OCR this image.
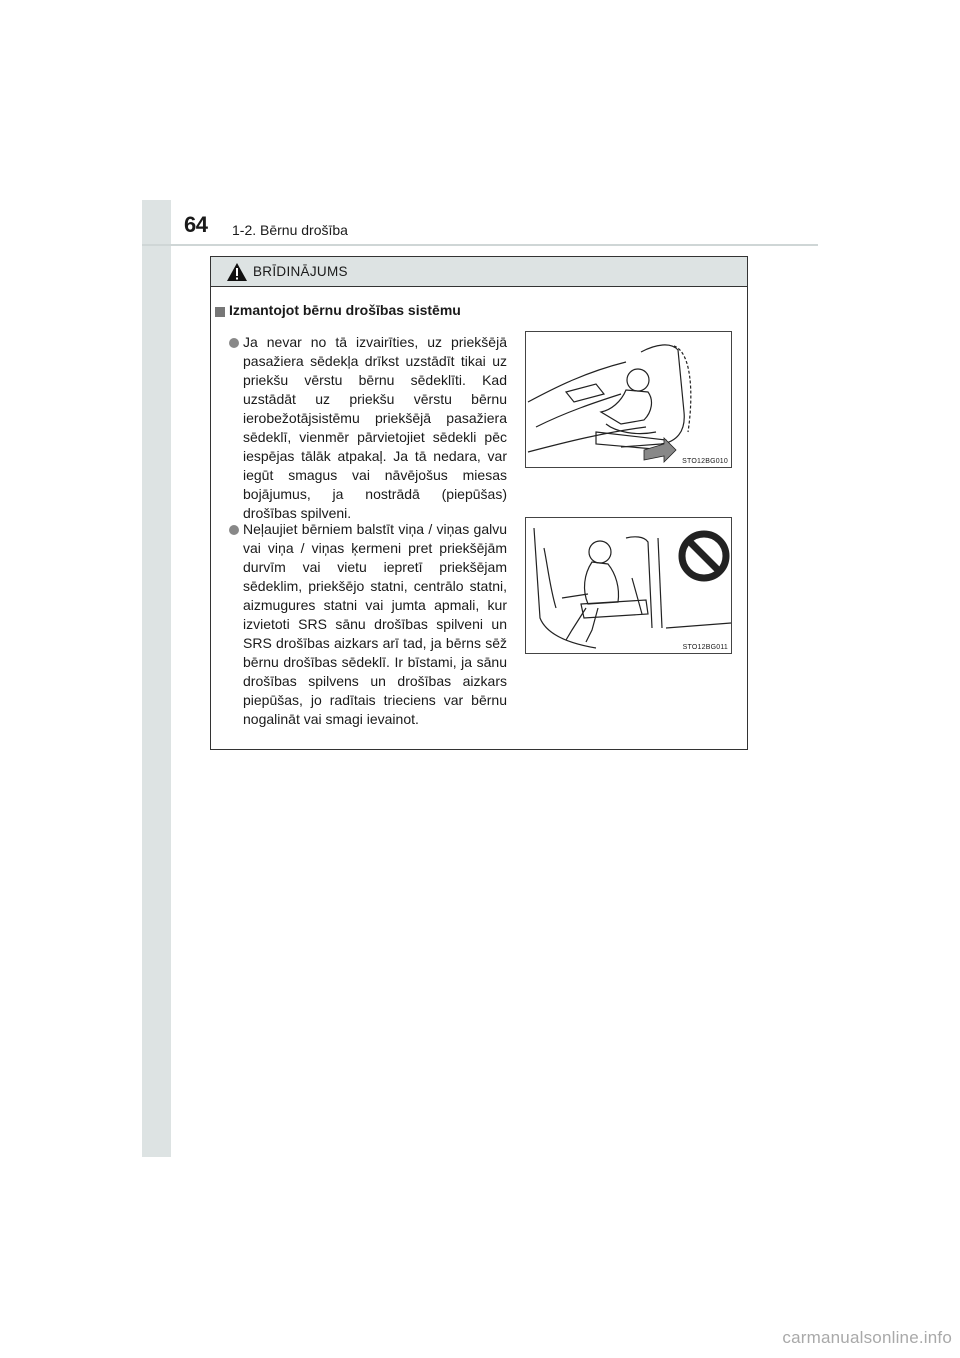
64 1-2. Bērnu drošība
BRĪDINĀJUMS
Izmantojot bērnu drošības sistēmu

Ja nevar no tā izvairīties, uz priekšējā pasažiera sēdekļa drīkst uzstādīt tikai uz priekšu vērstu bērnu sēdeklīti. Kad uzstādāt uz priekšu vērstu bērnu ierobežotājsistēmu priekšējā pasažiera sēdeklī, vienmēr pārvietojiet sēdekli pēc iespējas tālāk atpakaļ. Ja tā nedara, var iegūt smagus vai nāvējošus miesas bojājumus, ja nostrādā (piepūšas) drošības spilveni.

STO12BG010

Neļaujiet bērniem balstīt viņa / viņas galvu vai viņa / viņas ķermeni pret priekšējām durvīm vai vietu iepretī priekšējam sēdeklim, priekšējo statni, centrālo statni, aizmugures statni vai jumta apmali, kur izvietoti SRS sānu drošības spilveni un SRS drošības aizkars arī tad, ja bērns sēž bērnu drošības sēdeklī. Ir bīstami, ja sānu drošības spilvens un drošības aizkars piepūšas, jo radītais trieciens var bērnu nogalināt vai smagi ievainot.

STO12BG011
carmanualsonline.info
